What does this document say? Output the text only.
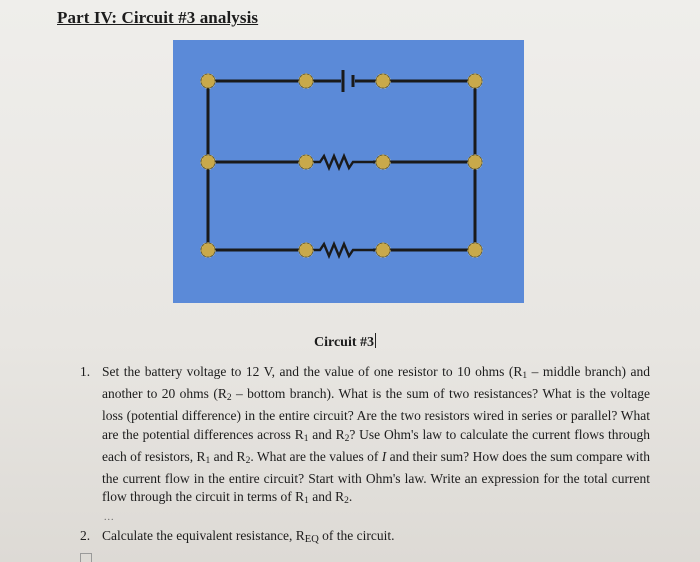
Part IV: Circuit #3 analysis
Circuit #3
1. Set the battery voltage to 12 V, and the value of one resistor to 10 ohms ($R_1$ – middle branch) and another to 20 ohms ($R_2$ – bottom branch). What is the sum of two resistances? What is the voltage loss (potential difference) in the entire circuit? Are the two resistors wired in series or parallel? What are the potential differences across $R_1$ and $R_2$? Use Ohm's law to calculate the current flows through each of resistors, $R_1$ and $R_2$. What are the values of I and their sum? How does the sum compare with the current flow in the entire circuit? Start with Ohm's law. Write an expression for the total current flow through the circuit in terms of $R_1$ and $R_2$.
...
2. Calculate the equivalent resistance, REQ of the circuit.
